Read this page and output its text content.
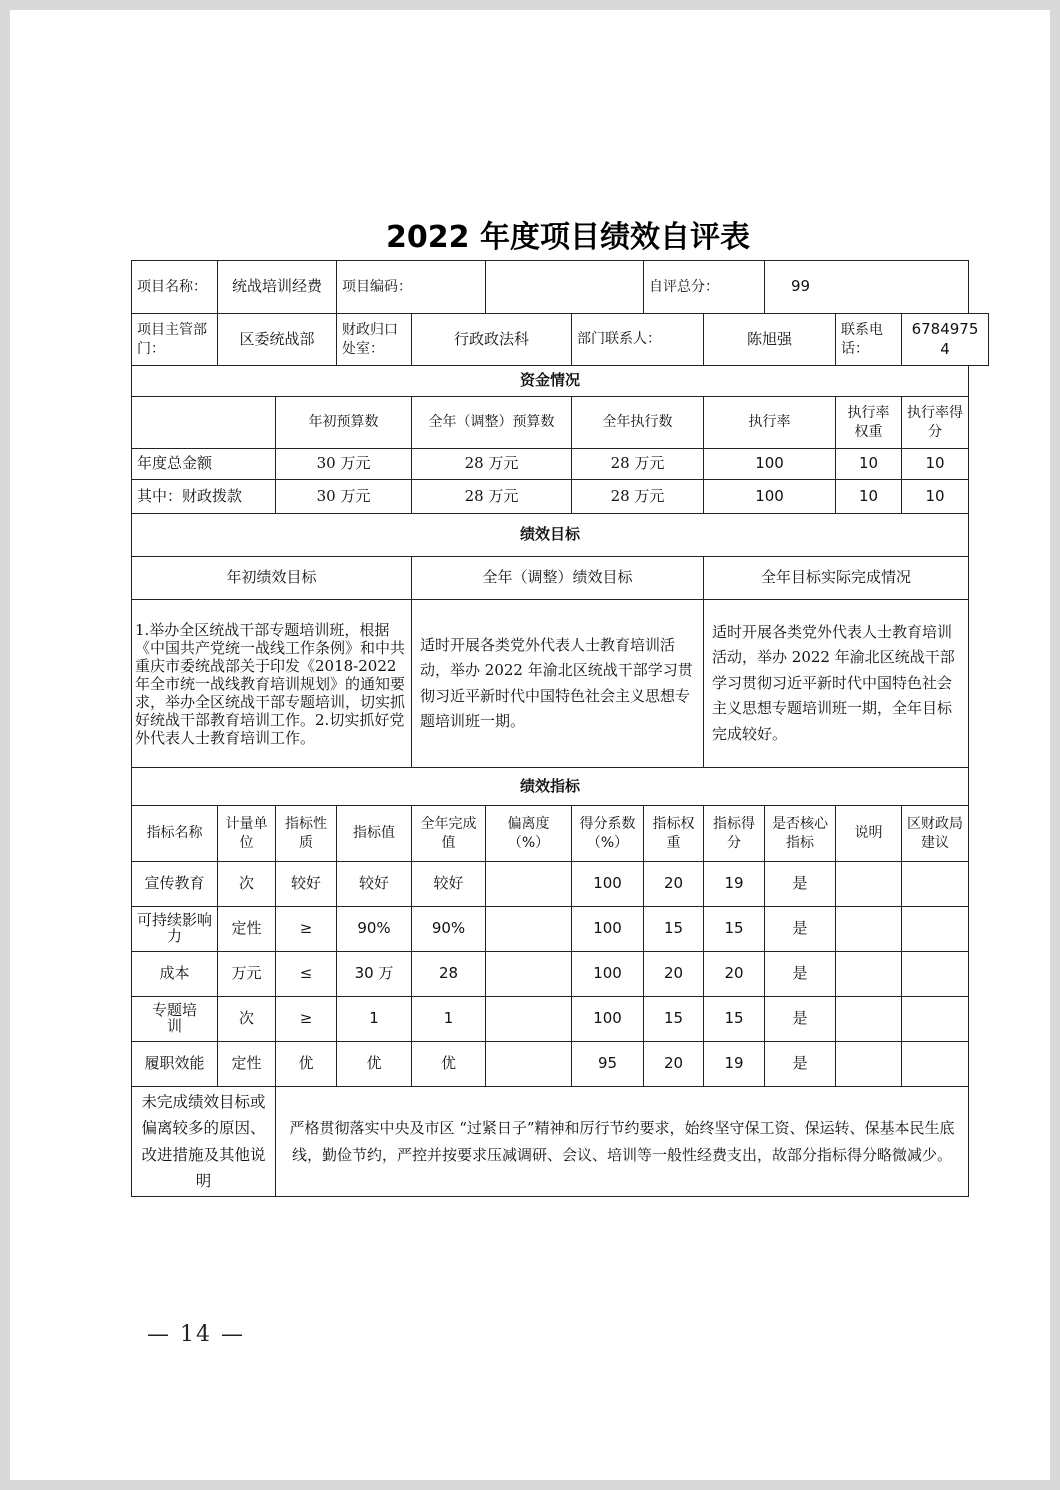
2022 年度项目绩效自评表
项目名称：	统战培训经费		项目编码：				自评总分：		99		
项目主管部门：	区委统战部		财政归口处室：	行政政法科		部门联系人：		陈旭强		联系电话：	67849754
资金情况											
		年初预算数		全年（调整）预算数		全年执行数		执行率		执行率权重	执行率得分
年度总金额		30 万元		28 万元		28 万元		100		10	10
其中：财政拨款		30 万元		28 万元		28 万元		100		10	10
绩效目标											
年初绩效目标				全年（调整）绩效目标				全年目标实际完成情况			
1.举办全区统战干部专题培训班，根据《中国共产党统一战线工作条例》和中共重庆市委统战部关于印发《2018-2022 年全市统一战线教育培训规划》的通知要求，举办全区统战干部专题培训，切实抓好统战干部教育培训工作。2.切实抓好党外代表人士教育培训工作。				适时开展各类党外代表人士教育培训活动，举办 2022 年渝北区统战干部学习贯彻习近平新时代中国特色社会主义思想专题培训班一期。				适时开展各类党外代表人士教育培训活动，举办 2022 年渝北区统战干部学习贯彻习近平新时代中国特色社会主义思想专题培训班一期，全年目标完成较好。			
绩效指标											
指标名称	计量单位	指标性质	指标值	全年完成值	偏离度（%）	得分系数（%）	指标权重	指标得分	是否核心指标	说明	区财政局建议
宣传教育	次	较好	较好	较好		100	20	19	是		
可持续影响力	定性	≥	90%	90%		100	15	15	是		
成本	万元	≤	30 万	28		100	20	20	是		
专题培训	次	≥	1	1		100	15	15	是		
履职效能	定性	优	优	优		95	20	19	是		
未完成绩效目标或偏离较多的原因、改进措施及其他说明		严格贯彻落实中央及市区 “过紧日子”精神和厉行节约要求，始终坚守保工资、保运转、保基本民生底线，勤俭节约，严控并按要求压减调研、会议、培训等一般性经费支出，故部分指标得分略微减少。									
— 14 —
